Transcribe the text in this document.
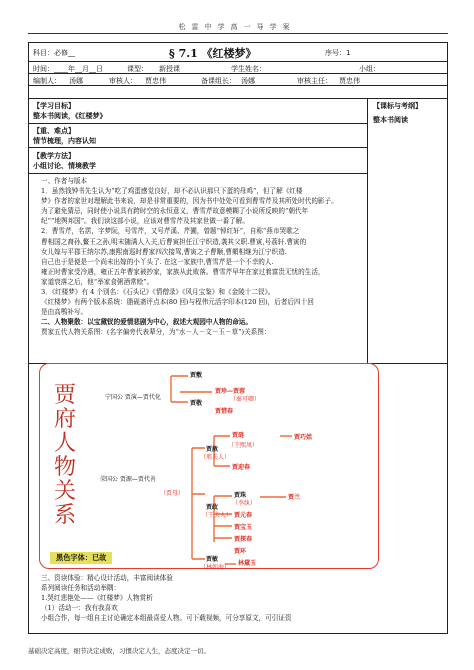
松雷中学高一导学案
科目：必修__	§ 7.1 《红楼梦》	序号：1
时间：____年__月__日	课型： 新授课	学生姓名：	小组：
编制人： 汤娜	审核人： 贾忠伟	备课组长： 汤娜	审核主任： 贾忠伟
【学习目标】
整本书阅读，《红楼梦》
【重、难点】
情节梳理，内容认知
【教学方法】
小组讨论、情境教学
【课标与考纲】
整本书阅读
一、作者与版本
1．虽然钱钟书先生认为“吃了鸡蛋感觉良好，却不必认识那只下蛋的母鸡”，但了解《红楼
梦》作者的家世对理解此书来说，却是非常重要的，因为书中处处可看到曹雪芹及其所处时代的影子。
为了避免猜忌，同时使小说具有跨时空的永恒意义，曹雪芹故意模糊了小说所反映的“朝代年
纪”“地舆邦国”。我们读这部小说，应该对曹雪芹及其家世做一番了解。
2．曹雪芹，名霑，字梦阮，号雪芹，又号芹溪、芹圃，曾题“悼红轩”，自称“燕市哭歌之
曹相国之裔孙,鳌王之孙,明末随满人入关,后曹寅担任江宁织造,袭其父职.曹寅,号荔轩.曹寅的
女儿嫁与平郡王纳尔苏,康熙南巡时曹家四次接驾,曹寅之子曹颙,曹頫相继为江宁织造.
自己也于是便是一个尚未出嫁的小丫头了. 在这一家族中,曹雪芹是一个不幸的人.
雍正时曹家受冷遇，雍正五年曹家被抄家，家族从此败落。曹雪芹早年在家过着富贵无忧的生活，
家道衰落之后，他“举家食粥酒常赊”。
3．《红楼梦》有 4 个别名：《石头记》《情僧录》《风月宝鉴》和《金陵十二钗》。
《红楼梦》有两个版本系统：脂砚斋评点本(80 回)与程伟元活字印本(120 回)，后者后四十回
是由高鹗补写。
二、人物聚散：以宝黛钗的爱情悲剧为中心，叙述大观园中人物的命运。
贾家五代人物关系图：(名字偏旁代表辈分，为“水－人－文－玉－草”)关系图：
贾府人物关系
黑色字体：已故
宁国公 贾演—贾代化
荣国公 贾源—贾代善
（贾母）
贾敷
贾敬
贾珍—贾蓉
（秦可卿）
贾惜春
贾赦
（邢夫人）
贾琏
（王熙凤）
贾迎春
贾巧姐
贾政
（王夫人）
贾珠
（李纨）
贾元春
贾宝玉
贾探春
贾环
贾兰
贾敏
（林如海）
林黛玉
三、资读体验：精心设计活动，丰富阅读体验
系列阅读任务和活动举隅：
1.哭红悲艳处——《红楼梦》人物赏析
（1）活动一：我有我喜欢
小组合作，每一组自主讨论确定本组最喜爱人物。可下载视频，可分享原文，可引证资
基础决定高度，细节决定成败，习惯决定人生，态度决定一切。
